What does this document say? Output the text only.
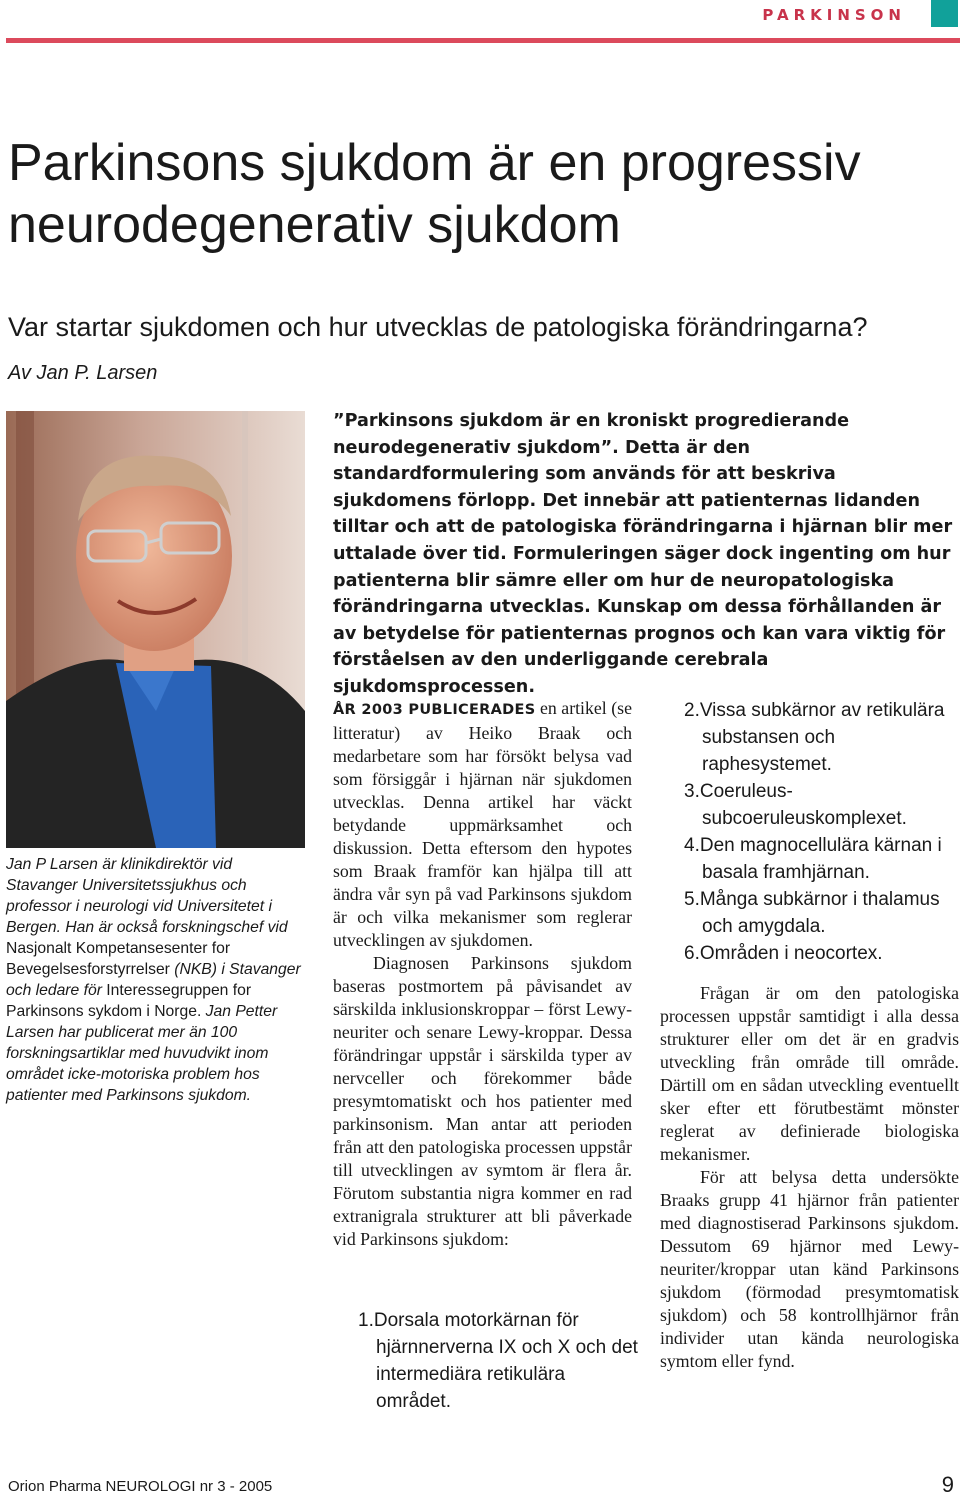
PARKINSON
Parkinsons sjukdom är en progressiv neurodegenerativ sjukdom
Var startar sjukdomen och hur utvecklas de patologiska förändringarna?
Av Jan P. Larsen

Jan P Larsen är klinikdirektör vid Stavanger Universitetssjukhus och professor i neurologi vid Universitetet i Bergen. Han är också forskningschef vid Nasjonalt Kompetansesenter for Bevegelsesforstyrrelser (NKB) i Stavanger och ledare för Interessegruppen for Parkinsons sykdom i Norge. Jan Petter Larsen har publicerat mer än 100 forskningsartiklar med huvudvikt inom området icke-motoriska problem hos patienter med Parkinsons sjukdom.

”Parkinsons sjukdom är en kroniskt progredierande neurodegenerativ sjukdom”. Detta är den standardformulering som används för att beskriva sjukdomens förlopp. Det innebär att patienternas lidanden tilltar och att de patologiska förändringarna i hjärnan blir mer uttalade över tid. Formuleringen säger dock ingenting om hur patienterna blir sämre eller om hur de neuropatologiska förändringarna utvecklas. Kunskap om dessa förhållanden är av betydelse för patienternas prognos och kan vara viktig för förståelsen av den underliggande cerebrala sjukdomsprocessen.

ÅR 2003 PUBLICERADES en artikel (se litteratur) av Heiko Braak och medarbetare som har försökt belysa vad som försiggår i hjärnan när sjukdomen utvecklas. Denna artikel har väckt betydande uppmärksamhet och diskussion. Detta eftersom den hypotes som Braak framför kan hjälpa till att ändra vår syn på vad Parkinsons sjukdom är och vilka mekanismer som reglerar utvecklingen av sjukdomen.

Diagnosen Parkinsons sjukdom baseras postmortem på påvisandet av särskilda inklusionskroppar – först Lewy-neuriter och senare Lewy-kroppar. Dessa förändringar uppstår i särskilda typer av nervceller och förekommer både presymtomatiskt och hos patienter med parkinsonism. Man antar att perioden från att den patologiska processen uppstår till utvecklingen av symtom är flera år. Förutom substantia nigra kommer en rad extranigrala strukturer att bli påverkade vid Parkinsons sjukdom:

1.Dorsala motorkärnan för hjärnnerverna IX och X och det intermediära retikulära området.
2.Vissa subkärnor av retikulära substansen och raphesystemet.
3.Coeruleus-subcoeruleuskomplexet.
4.Den magnocellulära kärnan i basala framhjärnan.
5.Många subkärnor i thalamus och amygdala.
6.Områden i neocortex.

Frågan är om den patologiska processen uppstår samtidigt i alla dessa strukturer eller om det är en gradvis utveckling från område till område. Därtill om en sådan utveckling eventuellt sker efter ett förutbestämt mönster reglerat av definierade biologiska mekanismer.

För att belysa detta undersökte Braaks grupp 41 hjärnor från patienter med diagnostiserad Parkinsons sjukdom. Dessutom 69 hjärnor med Lewy-neuriter/kroppar utan känd Parkinsons sjukdom (förmodad presymtomatisk sjukdom) och 58 kontrollhjärnor från individer utan kända neurologiska symtom eller fynd.

Orion Pharma NEUROLOGI nr 3 - 2005	9
